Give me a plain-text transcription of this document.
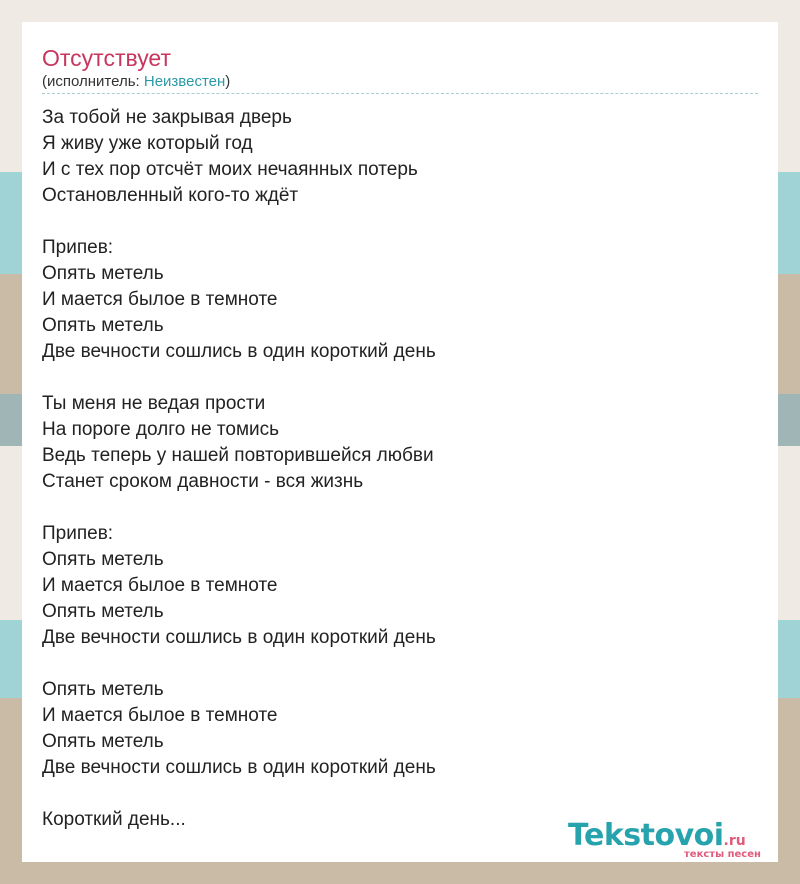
Отсутствует
(исполнитель: Неизвестен)
За тобой не закрывая дверь
Я живу уже который год
И с тех пор отсчёт моих нечаянных потерь
Остановленный кого-то ждёт
Припев:
Опять метель
И мается былое в темноте
Опять метель
Две вечности сошлись в один короткий день
Ты меня не ведая прости
На пороге долго не томись
Ведь теперь у нашей повторившейся любви
Станет сроком давности - вся жизнь
Припев:
Опять метель
И мается былое в темноте
Опять метель
Две вечности сошлись в один короткий день
Опять метель
И мается былое в темноте
Опять метель
Две вечности сошлись в один короткий день
Короткий день...	Tekstovoi.ru
тексты песен
